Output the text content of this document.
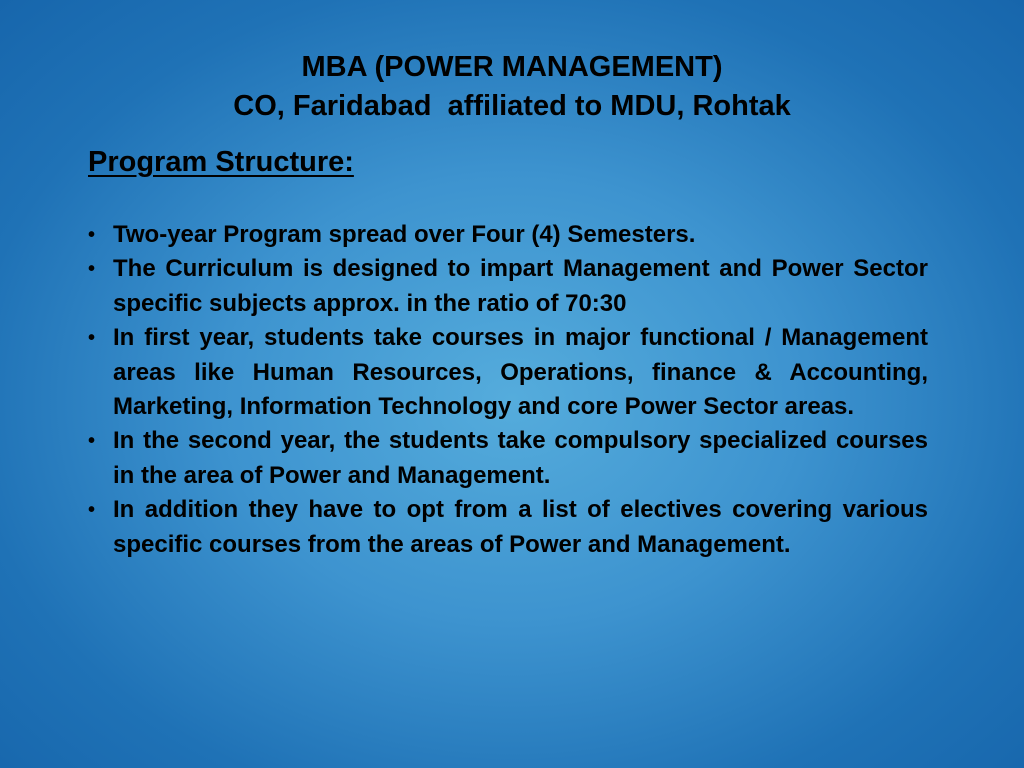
MBA (POWER MANAGEMENT)
CO, Faridabad  affiliated to MDU, Rohtak
Program Structure:
• Two-year Program spread over Four (4) Semesters.
• The Curriculum is designed to impart Management and Power Sector specific subjects approx. in the ratio of 70:30
• In first year, students take courses in major functional / Management areas like Human Resources, Operations, finance & Accounting, Marketing, Information Technology and core Power Sector areas.
• In the second year, the students take compulsory specialized courses in the area of Power and Management.
• In addition they have to opt from a list of electives covering various specific courses from the areas of Power and Management.
